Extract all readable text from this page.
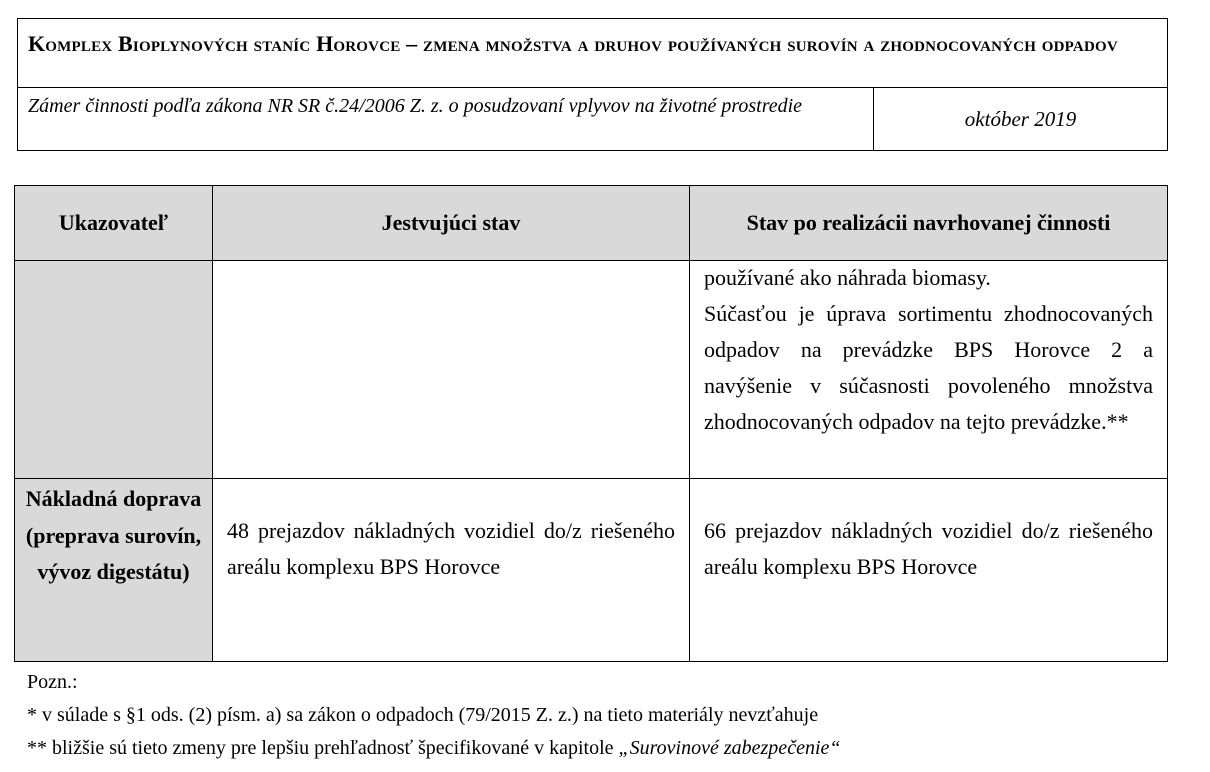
Komplex Bioplynových staníc Horovce – zmena množstva a druhov používaných surovín a zhodnocovaných odpadov
Zámer činnosti podľa zákona NR SR č.24/2006 Z. z. o posudzovaní vplyvov na životné prostredie
október 2019
Ukazovateľ	Jestvujúci stav	Stav po realizácii navrhovanej činnosti

používané ako náhrada biomasy.

Súčasťou je úprava sortimentu zhodnocovaných odpadov na prevádzke BPS Horovce 2 a navýšenie v súčasnosti povoleného množstva zhodnocovaných odpadov na tejto prevádzke.**

Nákladná doprava (preprava surovín, vývoz digestátu)

48 prejazdov nákladných vozidiel do/z riešeného areálu komplexu BPS Horovce

66 prejazdov nákladných vozidiel do/z riešeného areálu komplexu BPS Horovce

Pozn.:

* v súlade s §1 ods. (2) písm. a) sa zákon o odpadoch (79/2015 Z. z.) na tieto materiály nevzťahuje

** bližšie sú tieto zmeny pre lepšiu prehľadnosť špecifikované v kapitole „Surovinové zabezpečenie“
